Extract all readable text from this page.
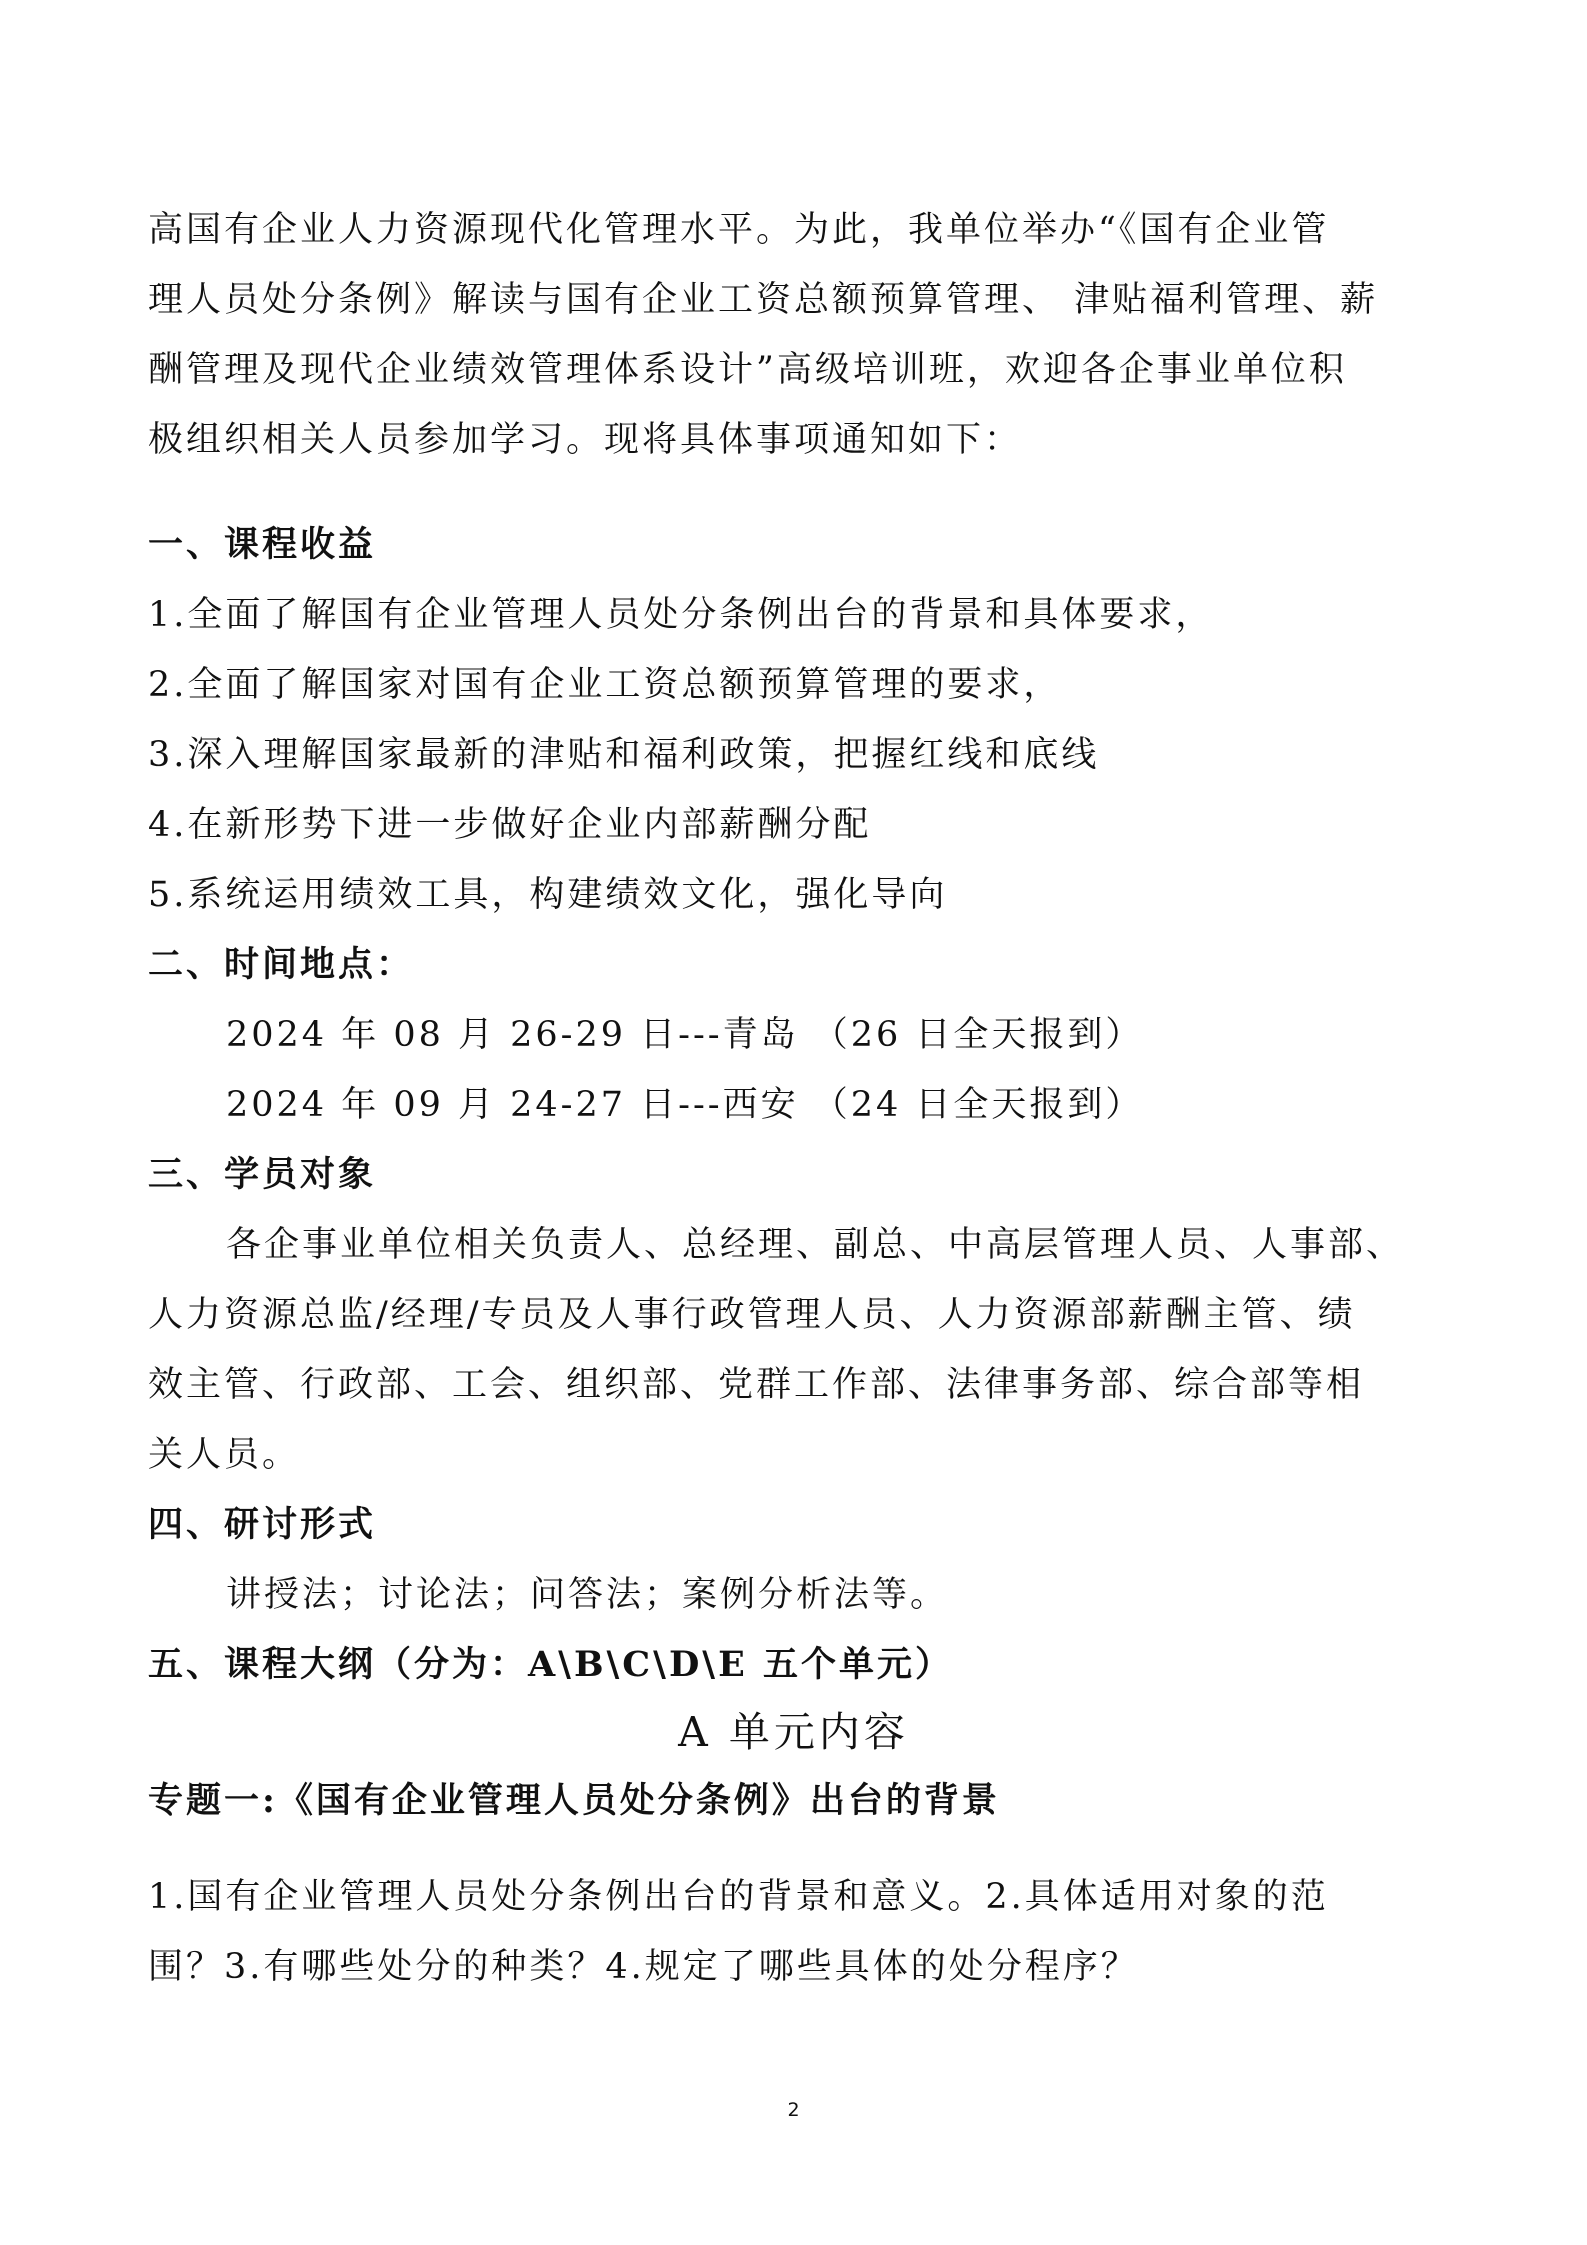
高国有企业人力资源现代化管理水平。为此，我单位举办“《国有企业管
理人员处分条例》解读与国有企业工资总额预算管理、 津贴福利管理、薪
酬管理及现代企业绩效管理体系设计”高级培训班，欢迎各企事业单位积
极组织相关人员参加学习。现将具体事项通知如下：
一、课程收益
1.全面了解国有企业管理人员处分条例出台的背景和具体要求，
2.全面了解国家对国有企业工资总额预算管理的要求，
3.深入理解国家最新的津贴和福利政策，把握红线和底线
4.在新形势下进一步做好企业内部薪酬分配
5.系统运用绩效工具，构建绩效文化，强化导向
二、时间地点：
2024 年 08 月 26-29 日---青岛 （26 日全天报到）
2024 年 09 月 24-27 日---西安 （24 日全天报到）
三、学员对象
各企事业单位相关负责人、总经理、副总、中高层管理人员、人事部、
人力资源总监/经理/专员及人事行政管理人员、人力资源部薪酬主管、绩
效主管、行政部、工会、组织部、党群工作部、法律事务部、综合部等相
关人员。
四、研讨形式
讲授法；讨论法；问答法；案例分析法等。
五、课程大纲（分为：A\B\C\D\E 五个单元）
A 单元内容
专题一:《国有企业管理人员处分条例》出台的背景
1.国有企业管理人员处分条例出台的背景和意义。2.具体适用对象的范
围？3.有哪些处分的种类？4.规定了哪些具体的处分程序？
2
